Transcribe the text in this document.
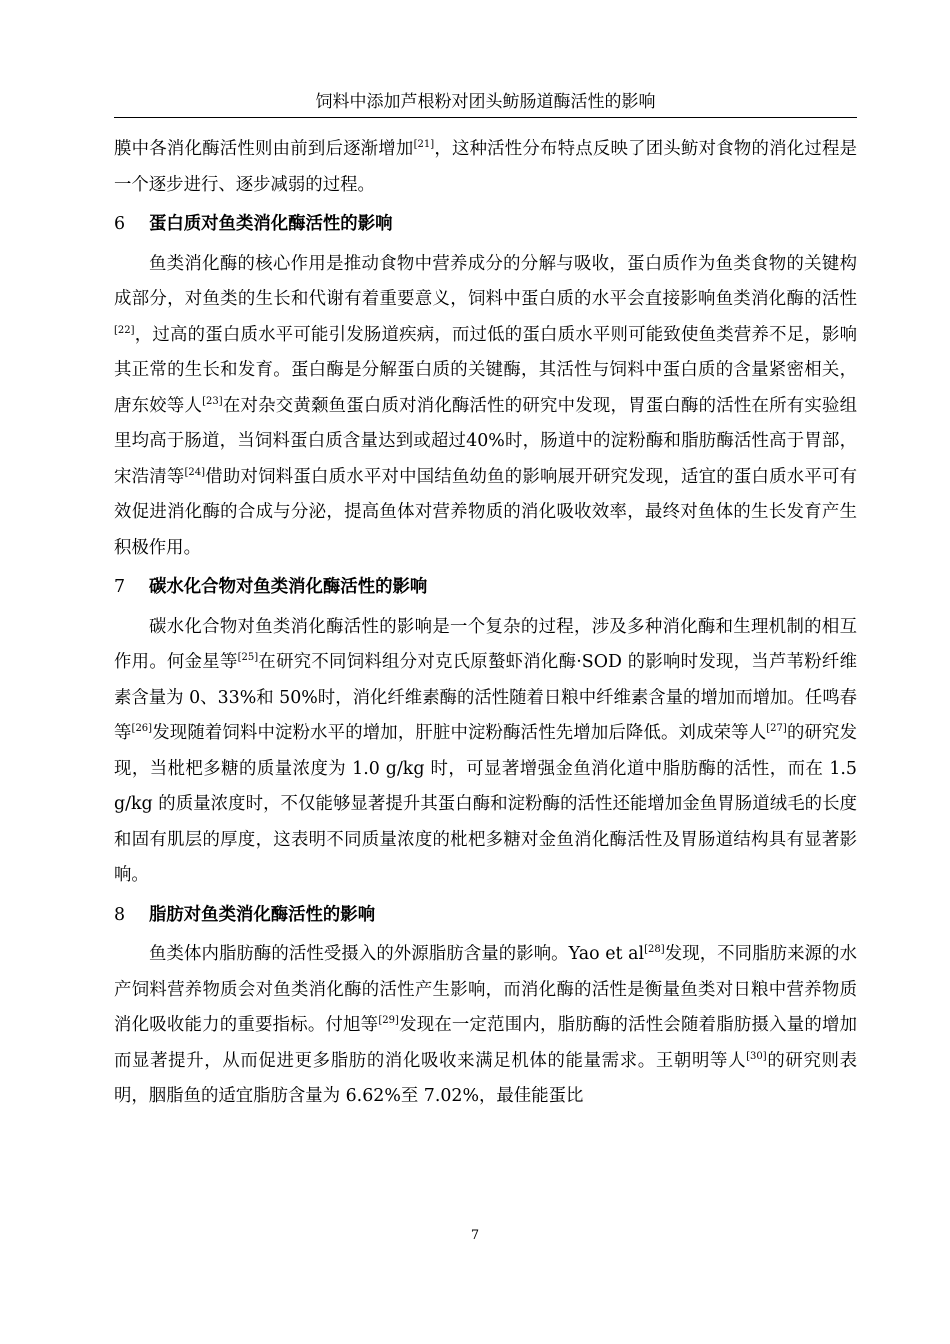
饲料中添加芦根粉对团头鲂肠道酶活性的影响

膜中各消化酶活性则由前到后逐渐增加[21]，这种活性分布特点反映了团头鲂对食物的消化过程是一个逐步进行、逐步减弱的过程。

6 蛋白质对鱼类消化酶活性的影响

鱼类消化酶的核心作用是推动食物中营养成分的分解与吸收，蛋白质作为鱼类食物的关键构成部分，对鱼类的生长和代谢有着重要意义，饲料中蛋白质的水平会直接影响鱼类消化酶的活性[22]，过高的蛋白质水平可能引发肠道疾病，而过低的蛋白质水平则可能致使鱼类营养不足，影响其正常的生长和发育。蛋白酶是分解蛋白质的关键酶，其活性与饲料中蛋白质的含量紧密相关，唐东姣等人[23]在对杂交黄颡鱼蛋白质对消化酶活性的研究中发现，胃蛋白酶的活性在所有实验组里均高于肠道，当饲料蛋白质含量达到或超过40%时，肠道中的淀粉酶和脂肪酶活性高于胃部，宋浩清等[24]借助对饲料蛋白质水平对中国结鱼幼鱼的影响展开研究发现，适宜的蛋白质水平可有效促进消化酶的合成与分泌，提高鱼体对营养物质的消化吸收效率，最终对鱼体的生长发育产生积极作用。

7 碳水化合物对鱼类消化酶活性的影响

碳水化合物对鱼类消化酶活性的影响是一个复杂的过程，涉及多种消化酶和生理机制的相互作用。何金星等[25]在研究不同饲料组分对克氏原螯虾消化酶·SOD 的影响时发现，当芦苇粉纤维素含量为 0、33%和 50%时，消化纤维素酶的活性随着日粮中纤维素含量的增加而增加。任鸣春等[26]发现随着饲料中淀粉水平的增加，肝脏中淀粉酶活性先增加后降低。刘成荣等人[27]的研究发现，当枇杷多糖的质量浓度为 1.0 g/kg 时，可显著增强金鱼消化道中脂肪酶的活性，而在 1.5 g/kg 的质量浓度时，不仅能够显著提升其蛋白酶和淀粉酶的活性还能增加金鱼胃肠道绒毛的长度和固有肌层的厚度，这表明不同质量浓度的枇杷多糖对金鱼消化酶活性及胃肠道结构具有显著影响。

8 脂肪对鱼类消化酶活性的影响

鱼类体内脂肪酶的活性受摄入的外源脂肪含量的影响。Yao et al[28]发现，不同脂肪来源的水产饲料营养物质会对鱼类消化酶的活性产生影响，而消化酶的活性是衡量鱼类对日粮中营养物质消化吸收能力的重要指标。付旭等[29]发现在一定范围内，脂肪酶的活性会随着脂肪摄入量的增加而显著提升，从而促进更多脂肪的消化吸收来满足机体的能量需求。王朝明等人[30]的研究则表明，胭脂鱼的适宜脂肪含量为 6.62%至 7.02%，最佳能蛋比

7
